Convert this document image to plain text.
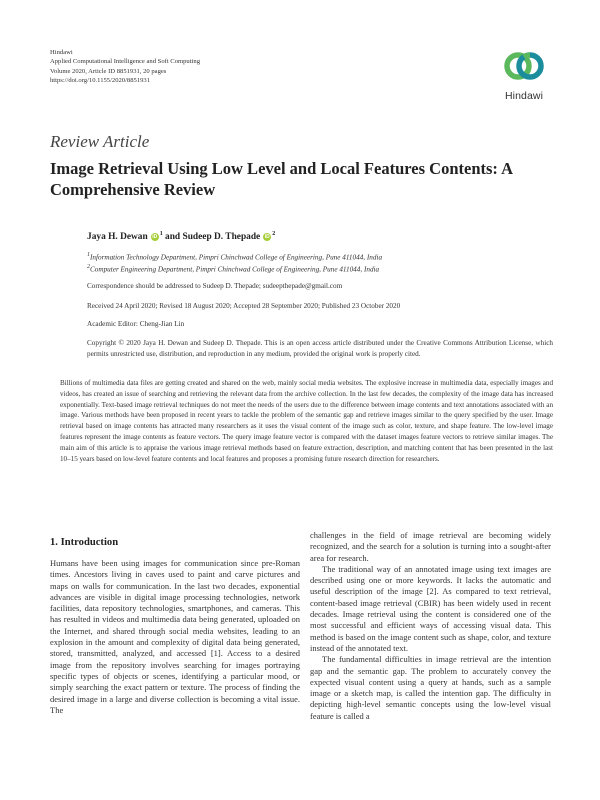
Hindawi
Applied Computational Intelligence and Soft Computing
Volume 2020, Article ID 8851931, 20 pages
https://doi.org/10.1155/2020/8851931
Hindawi
Review Article
Image Retrieval Using Low Level and Local Features Contents: A Comprehensive Review
Jaya H. Dewan $iD^1$ and Sudeep D. Thepade $iD^2$
$^1$Information Technology Department, Pimpri Chinchwad College of Engineering, Pune 411044, India
$^2$Computer Engineering Department, Pimpri Chinchwad College of Engineering, Pune 411044, India
Correspondence should be addressed to Sudeep D. Thepade; sudeepthepade@gmail.com
Received 24 April 2020; Revised 18 August 2020; Accepted 28 September 2020; Published 23 October 2020
Academic Editor: Cheng-Jian Lin
Copyright © 2020 Jaya H. Dewan and Sudeep D. Thepade. This is an open access article distributed under the Creative Commons Attribution License, which permits unrestricted use, distribution, and reproduction in any medium, provided the original work is properly cited.
Billions of multimedia data files are getting created and shared on the web, mainly social media websites. The explosive increase in multimedia data, especially images and videos, has created an issue of searching and retrieving the relevant data from the archive collection. In the last few decades, the complexity of the image data has increased exponentially. Text-based image retrieval techniques do not meet the needs of the users due to the difference between image contents and text annotations associated with an image. Various methods have been proposed in recent years to tackle the problem of the semantic gap and retrieve images similar to the query specified by the user. Image retrieval based on image contents has attracted many researchers as it uses the visual content of the image such as color, texture, and shape feature. The low-level image features represent the image contents as feature vectors. The query image feature vector is compared with the dataset images feature vectors to retrieve similar images. The main aim of this article is to appraise the various image retrieval methods based on feature extraction, description, and matching content that has been presented in the last 10–15 years based on low-level feature contents and local features and proposes a promising future research direction for researchers.
1. Introduction
Humans have been using images for communication since pre-Roman times. Ancestors living in caves used to paint and carve pictures and maps on walls for communication. In the last two decades, exponential advances are visible in digital image processing technologies, network facilities, data repository technologies, smartphones, and cameras. This has resulted in videos and multimedia data being generated, uploaded on the Internet, and shared through social media websites, leading to an explosion in the amount and complexity of digital data being generated, stored, transmitted, analyzed, and accessed [1]. Access to a desired image from the repository involves searching for images portraying specific types of objects or scenes, identifying a particular mood, or simply searching the exact pattern or texture. The process of finding the desired image in a large and diverse collection is becoming a vital issue. The

challenges in the field of image retrieval are becoming widely recognized, and the search for a solution is turning into a sought-after area for research.

The traditional way of an annotated image using text images are described using one or more keywords. It lacks the automatic and useful description of the image [2]. As compared to text retrieval, content-based image retrieval (CBIR) has been widely used in recent decades. Image retrieval using the content is considered one of the most successful and efficient ways of accessing visual data. This method is based on the image content such as shape, color, and texture instead of the annotated text.

The fundamental difficulties in image retrieval are the intention gap and the semantic gap. The problem to accurately convey the expected visual content using a query at hands, such as a sample image or a sketch map, is called the intention gap. The difficulty in depicting high-level semantic concepts using the low-level visual feature is called a
